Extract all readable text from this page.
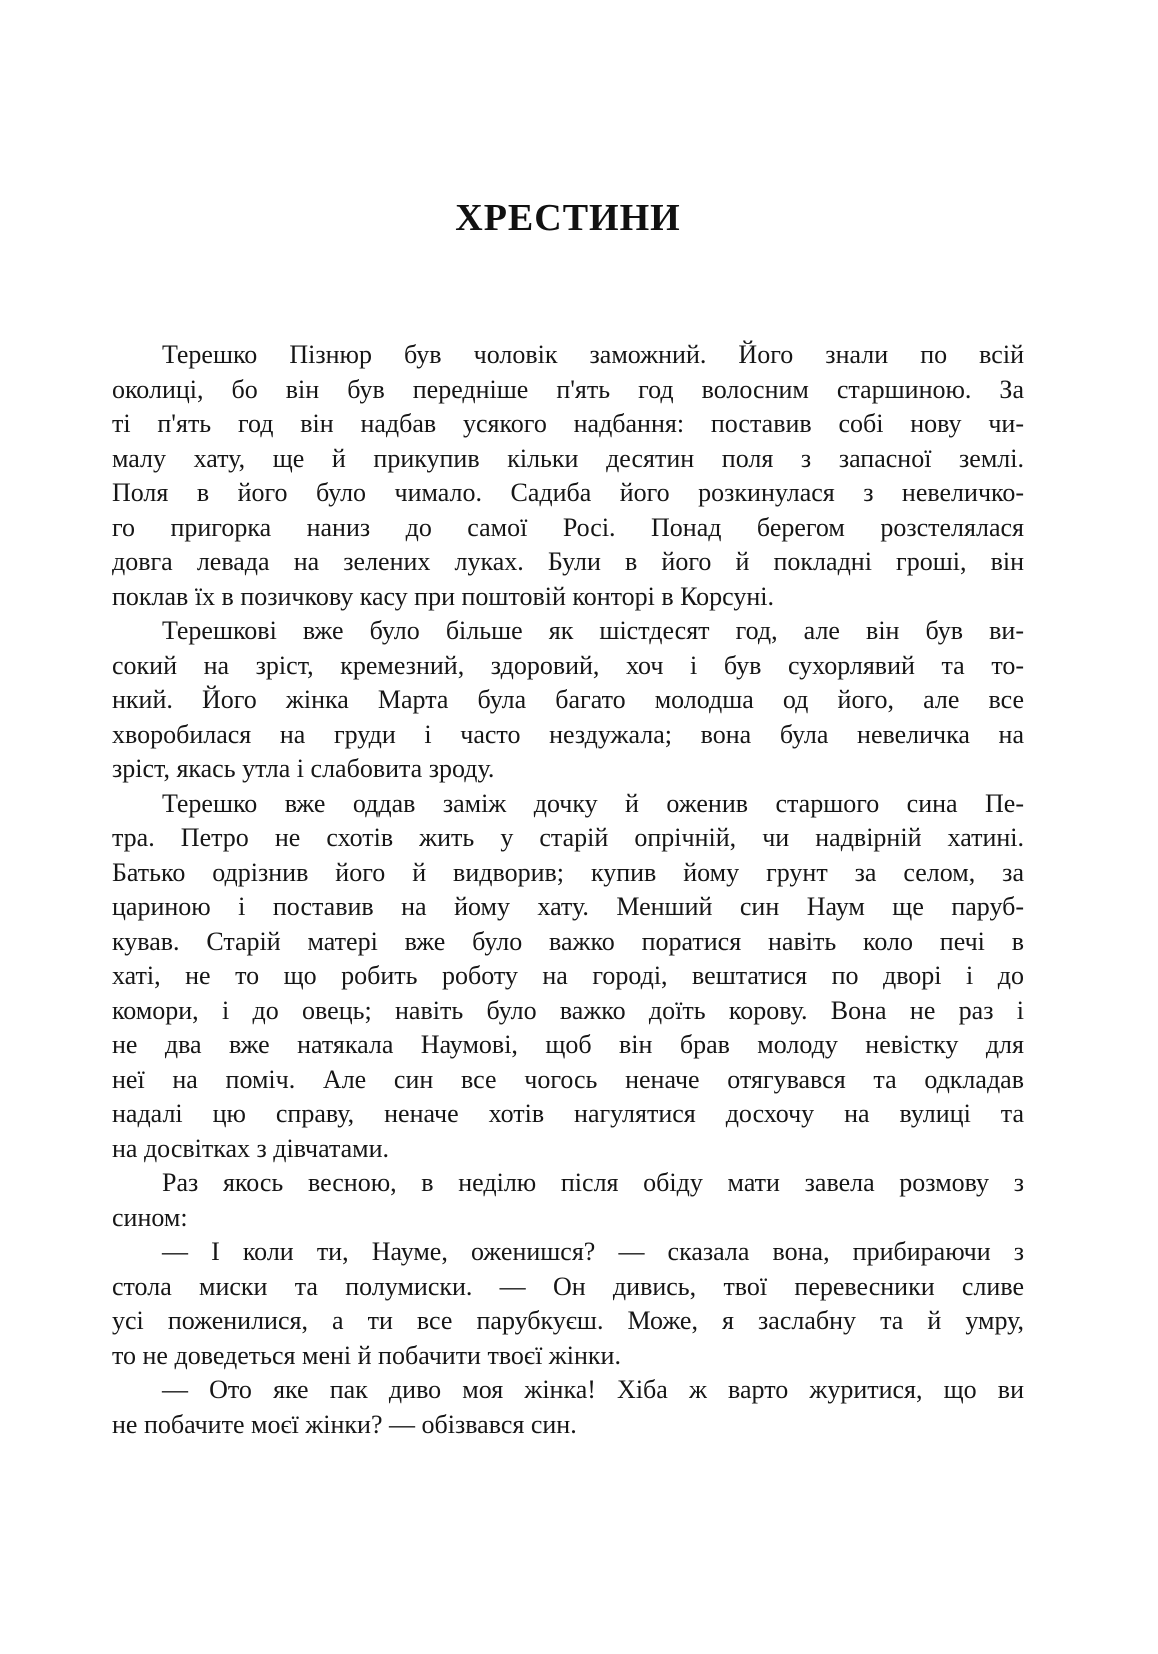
ХРЕСТИНИ
Терешко Пізнюр був чоловік заможний. Його знали по всій
околиці, бо він був передніше п'ять год волосним старшиною. За
ті п'ять год він надбав усякого надбання: поставив собі нову чи-
малу хату, ще й прикупив кільки десятин поля з запасної землі.
Поля в його було чимало. Садиба його розкинулася з невеличко-
го пригорка наниз до самої Росі. Понад берегом розстелялася
довга левада на зелених луках. Були в його й покладні гроші, він
поклав їх в позичкову касу при поштовій конторі в Корсуні.
Терешкові вже було більше як шістдесят год, але він був ви-
сокий на зріст, кремезний, здоровий, хоч і був сухорлявий та то-
нкий. Його жінка Марта була багато молодша од його, але все
хворобилася на груди і часто нездужала; вона була невеличка на
зріст, якась утла і слабовита зроду.
Терешко вже оддав заміж дочку й оженив старшого сина Пе-
тра. Петро не схотів жить у старій опрічній, чи надвірній хатині.
Батько одрізнив його й видворив; купив йому грунт за селом, за
цариною і поставив на йому хату. Менший син Наум ще паруб-
кував. Старій матері вже було важко поратися навіть коло печі в
хаті, не то що робить роботу на городі, вештатися по дворі і до
комори, і до овець; навіть було важко доїть корову. Вона не раз і
не два вже натякала Наумові, щоб він брав молоду невістку для
неї на поміч. Але син все чогось неначе отягувався та одкладав
надалі цю справу, неначе хотів нагулятися досхочу на вулиці та
на досвітках з дівчатами.
Раз якось весною, в неділю після обіду мати завела розмову з
сином:
— І коли ти, Науме, оженишся? — сказала вона, прибираючи з
стола миски та полумиски. — Он дивись, твої перевесники сливе
усі поженилися, а ти все парубкуєш. Може, я заслабну та й умру,
то не доведеться мені й побачити твоєї жінки.
— Ото яке пак диво моя жінка! Хіба ж варто журитися, що ви
не побачите моєї жінки? — обізвався син.
